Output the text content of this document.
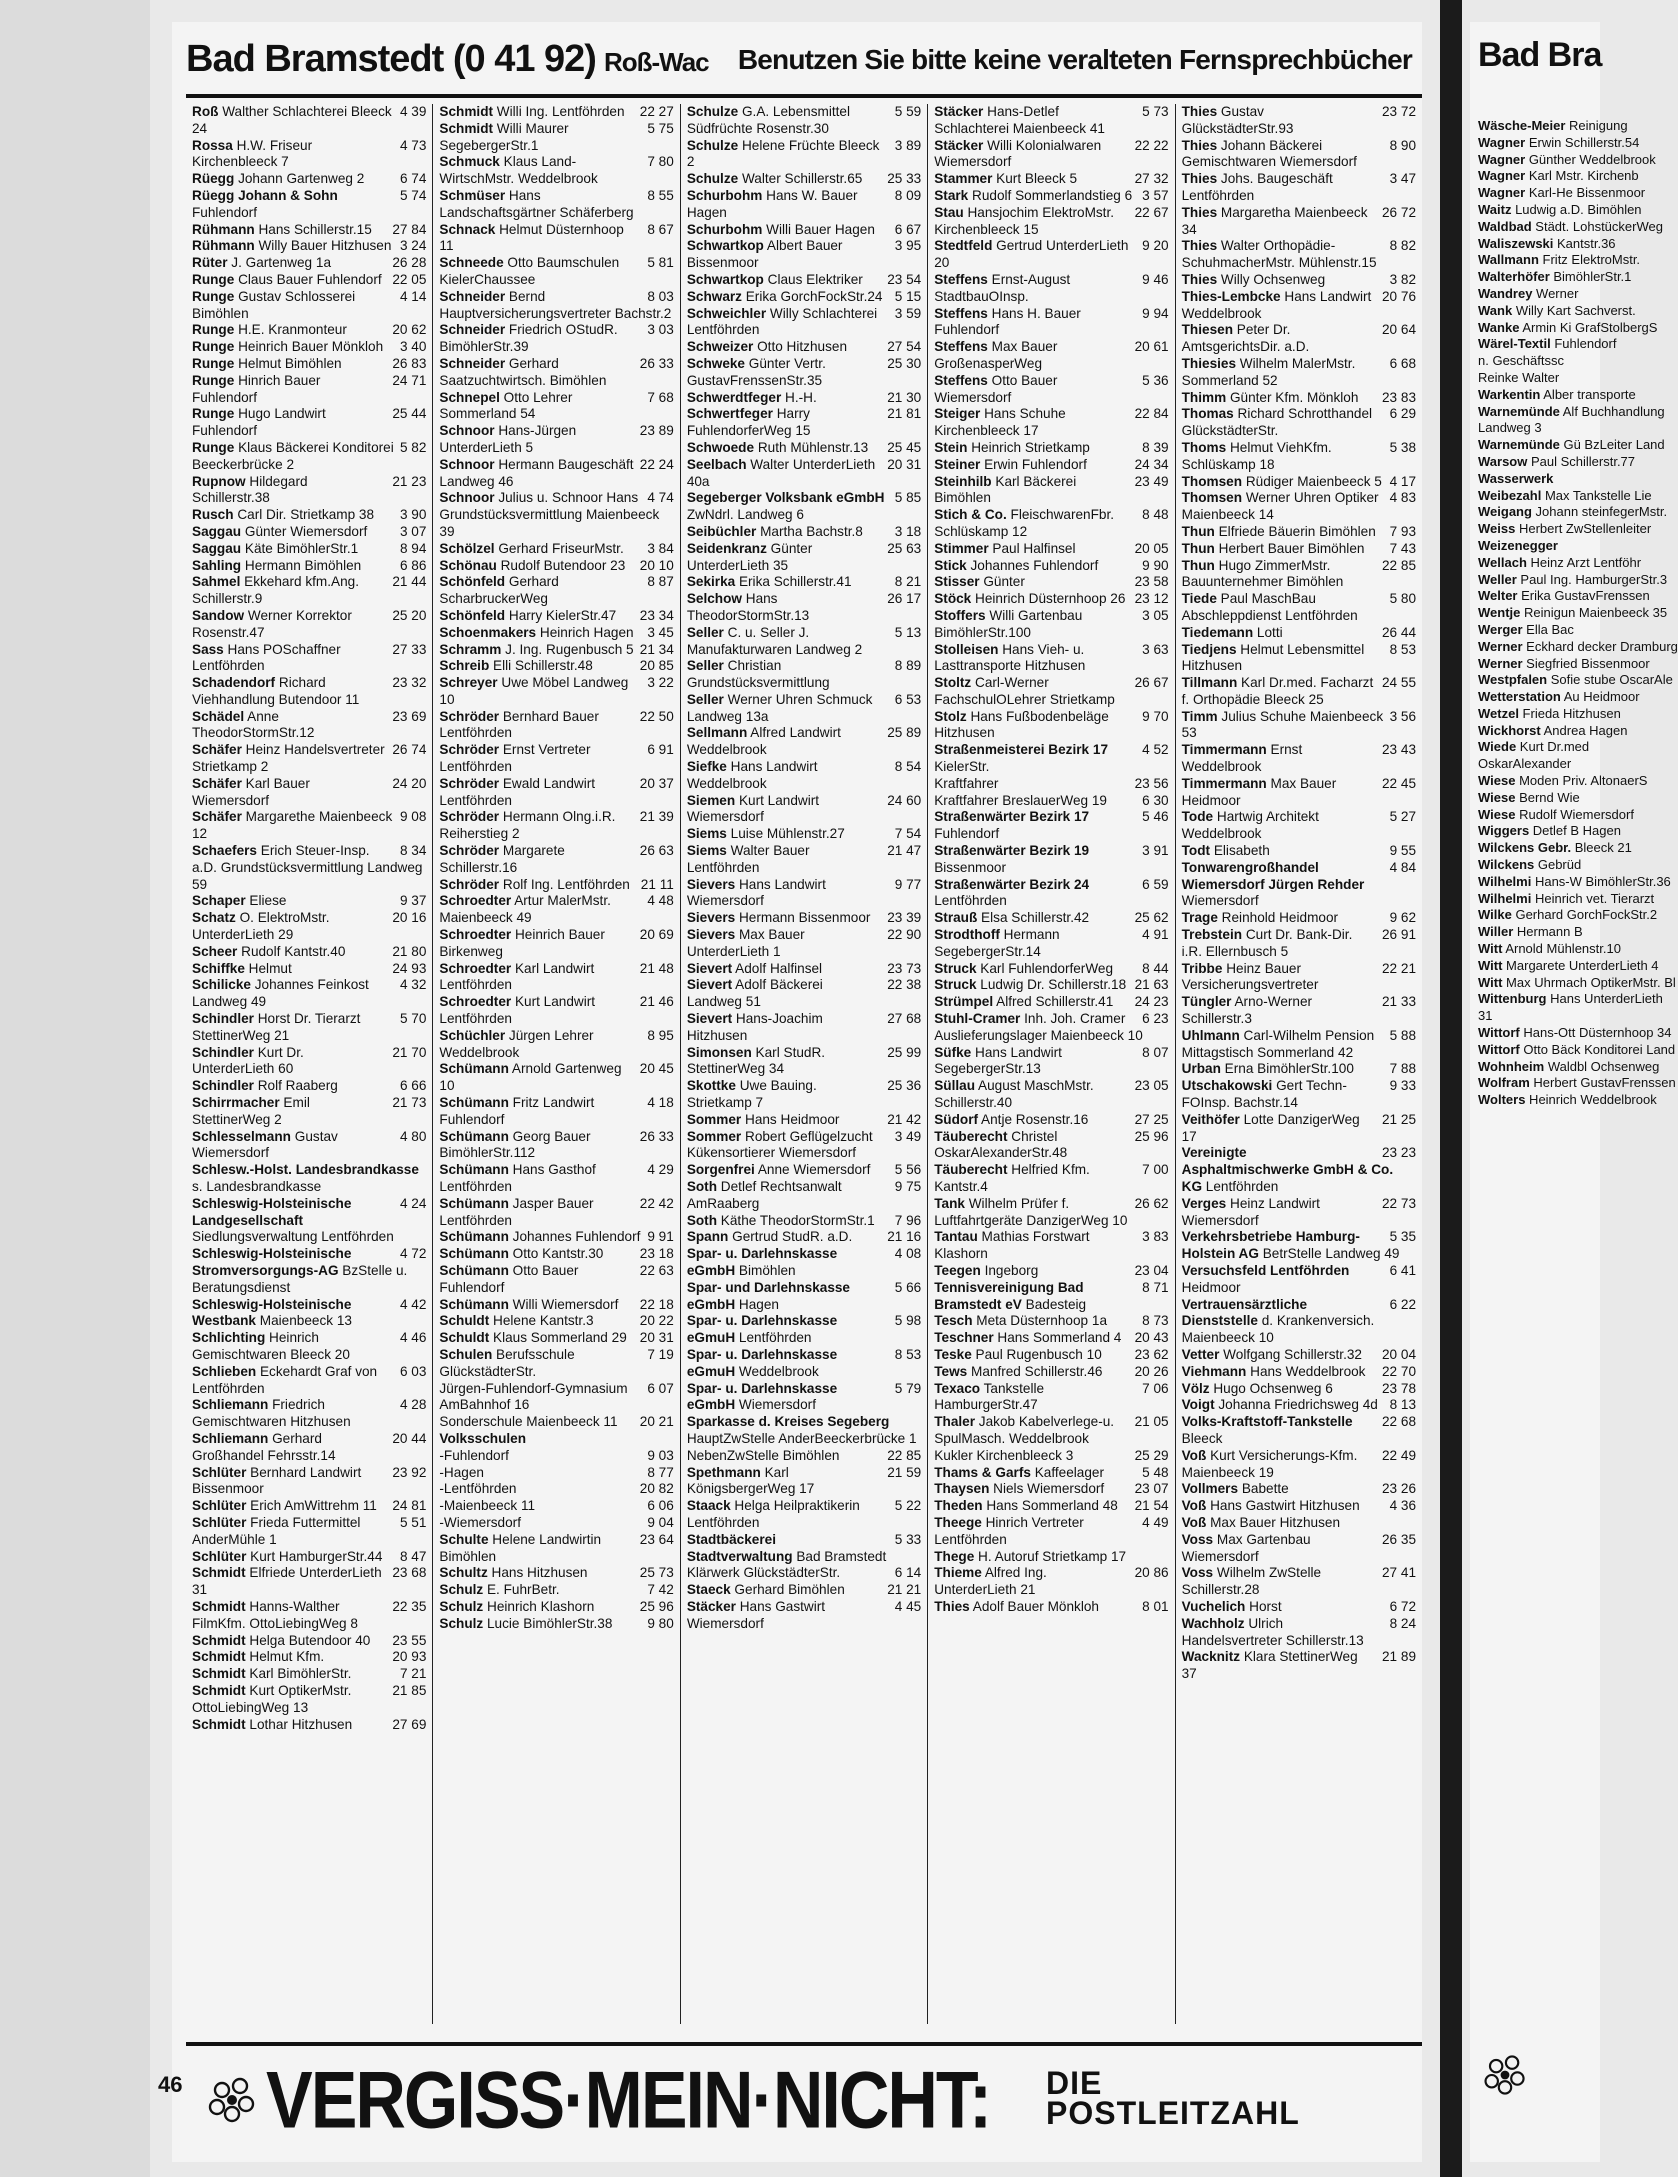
Bad Bramstedt (0 41 92) Roß-Wac Benutzen Sie bitte keine veralteten Fernsprechbücher

4 39
Roß Walther Schlachterei Bleeck 24

4 73
Rossa H.W. Friseur Kirchenbleeck 7

6 74
Rüegg Johann Gartenweg 2

5 74
Rüegg Johann & Sohn Fuhlendorf

27 84
Rühmann Hans Schillerstr.15

3 24
Rühmann Willy Bauer Hitzhusen

26 28
Rüter J. Gartenweg 1a

22 05
Runge Claus Bauer Fuhlendorf

4 14
Runge Gustav Schlosserei Bimöhlen

20 62
Runge H.E. Kranmonteur

3 40
Runge Heinrich Bauer Mönkloh

26 83
Runge Helmut Bimöhlen

24 71
Runge Hinrich Bauer Fuhlendorf

25 44
Runge Hugo Landwirt Fuhlendorf

5 82
Runge Klaus Bäckerei Konditorei Beeckerbrücke 2

21 23
Rupnow Hildegard Schillerstr.38

3 90
Rusch Carl Dir. Strietkamp 38

3 07
Saggau Günter Wiemersdorf

8 94
Saggau Käte BimöhlerStr.1

6 86
Sahling Hermann Bimöhlen

21 44
Sahmel Ekkehard kfm.Ang. Schillerstr.9

25 20
Sandow Werner Korrektor Rosenstr.47

27 33
Sass Hans POSchaffner Lentföhrden

23 32
Schadendorf Richard Viehhandlung Butendoor 11

23 69
Schädel Anne TheodorStormStr.12

26 74
Schäfer Heinz Handelsvertreter Strietkamp 2

24 20
Schäfer Karl Bauer Wiemersdorf

9 08
Schäfer Margarethe Maienbeeck 12

8 34
Schaefers Erich Steuer-Insp. a.D. Grundstücksvermittlung Landweg 59

9 37
Schaper Eliese

20 16
Schatz O. ElektroMstr. UnterderLieth 29

21 80
Scheer Rudolf Kantstr.40

24 93
Schiffke Helmut

4 32
Schilicke Johannes Feinkost Landweg 49

5 70
Schindler Horst Dr. Tierarzt StettinerWeg 21

21 70
Schindler Kurt Dr. UnterderLieth 60

6 66
Schindler Rolf Raaberg

21 73
Schirrmacher Emil StettinerWeg 2

4 80
Schlesselmann Gustav Wiemersdorf

Schlesw.-Holst. Landesbrandkasse s. Landesbrandkasse

4 24
Schleswig-Holsteinische Landgesellschaft Siedlungsverwaltung Lentföhrden

4 72
Schleswig-Holsteinische Stromversorgungs-AG BzStelle u. Beratungsdienst

4 42
Schleswig-Holsteinische Westbank Maienbeeck 13

4 46
Schlichting Heinrich Gemischtwaren Bleeck 20

6 03
Schlieben Eckehardt Graf von Lentföhrden

4 28
Schliemann Friedrich Gemischtwaren Hitzhusen

20 44
Schliemann Gerhard Großhandel Fehrsstr.14

23 92
Schlüter Bernhard Landwirt Bissenmoor

24 81
Schlüter Erich AmWittrehm 11

5 51
Schlüter Frieda Futtermittel AnderMühle 1

8 47
Schlüter Kurt HamburgerStr.44

23 68
Schmidt Elfriede UnterderLieth 31

22 35
Schmidt Hanns-Walther FilmKfm. OttoLiebingWeg 8

23 55
Schmidt Helga Butendoor 40

20 93
Schmidt Helmut Kfm.

7 21
Schmidt Karl BimöhlerStr.

21 85
Schmidt Kurt OptikerMstr. OttoLiebingWeg 13

27 69
Schmidt Lothar Hitzhusen

22 27
Schmidt Willi Ing. Lentföhrden

5 75
Schmidt Willi Maurer SegebergerStr.1

7 80
Schmuck Klaus Land-WirtschMstr. Weddelbrook

8 55
Schmüser Hans Landschaftsgärtner Schäferberg

8 67
Schnack Helmut Düsternhoop 11

5 81
Schneede Otto Baumschulen KielerChaussee

8 03
Schneider Bernd Hauptversicherungsvertreter Bachstr.2

3 03
Schneider Friedrich OStudR. BimöhlerStr.39

26 33
Schneider Gerhard Saatzuchtwirtsch. Bimöhlen

7 68
Schnepel Otto Lehrer Sommerland 54

23 89
Schnoor Hans-Jürgen UnterderLieth 5

22 24
Schnoor Hermann Baugeschäft Landweg 46

4 74
Schnoor Julius u. Schnoor Hans Grundstücksvermittlung Maienbeeck 39

3 84
Schölzel Gerhard FriseurMstr.

20 10
Schönau Rudolf Butendoor 23

8 87
Schönfeld Gerhard ScharbruckerWeg

23 34
Schönfeld Harry KielerStr.47

3 45
Schoenmakers Heinrich Hagen

21 34
Schramm J. Ing. Rugenbusch 5

20 85
Schreib Elli Schillerstr.48

3 22
Schreyer Uwe Möbel Landweg 10

22 50
Schröder Bernhard Bauer Lentföhrden

6 91
Schröder Ernst Vertreter Lentföhrden

20 37
Schröder Ewald Landwirt Lentföhrden

21 39
Schröder Hermann Olng.i.R. Reiherstieg 2

26 63
Schröder Margarete Schillerstr.16

21 11
Schröder Rolf Ing. Lentföhrden

4 48
Schroedter Artur MalerMstr. Maienbeeck 49

20 69
Schroedter Heinrich Bauer Birkenweg

21 48
Schroedter Karl Landwirt Lentföhrden

21 46
Schroedter Kurt Landwirt Lentföhrden

8 95
Schüchler Jürgen Lehrer Weddelbrook

20 45
Schümann Arnold Gartenweg 10

4 18
Schümann Fritz Landwirt Fuhlendorf

26 33
Schümann Georg Bauer BimöhlerStr.112

4 29
Schümann Hans Gasthof Lentföhrden

22 42
Schümann Jasper Bauer Lentföhrden

9 91
Schümann Johannes Fuhlendorf

23 18
Schümann Otto Kantstr.30

22 63
Schümann Otto Bauer Fuhlendorf

22 18
Schümann Willi Wiemersdorf

20 22
Schuldt Helene Kantstr.3

20 31
Schuldt Klaus Sommerland 29

7 19
Schulen Berufsschule GlückstädterStr.

6 07
Jürgen-Fuhlendorf-Gymnasium AmBahnhof 16

20 21
Sonderschule Maienbeeck 11

Volksschulen

9 03
-Fuhlendorf

8 77
-Hagen

20 82
-Lentföhrden

6 06
-Maienbeeck 11

9 04
-Wiemersdorf

23 64
Schulte Helene Landwirtin Bimöhlen

25 73
Schultz Hans Hitzhusen

7 42
Schulz E. FuhrBetr.

25 96
Schulz Heinrich Klashorn

9 80
Schulz Lucie BimöhlerStr.38

5 59
Schulze G.A. Lebensmittel Südfrüchte Rosenstr.30

3 89
Schulze Helene Früchte Bleeck 2

25 33
Schulze Walter Schillerstr.65

8 09
Schurbohm Hans W. Bauer Hagen

6 67
Schurbohm Willi Bauer Hagen

3 95
Schwartkop Albert Bauer Bissenmoor

23 54
Schwartkop Claus Elektriker

5 15
Schwarz Erika GorchFockStr.24

3 59
Schweichler Willy Schlachterei Lentföhrden

27 54
Schweizer Otto Hitzhusen

25 30
Schweke Günter Vertr. GustavFrenssenStr.35

21 30
Schwerdtfeger H.-H.

21 81
Schwertfeger Harry FuhlendorferWeg 15

25 45
Schwoede Ruth Mühlenstr.13

20 31
Seelbach Walter UnterderLieth 40a

5 85
Segeberger Volksbank eGmbH ZwNdrl. Landweg 6

3 18
Seibüchler Martha Bachstr.8

25 63
Seidenkranz Günter UnterderLieth 35

8 21
Sekirka Erika Schillerstr.41

26 17
Selchow Hans TheodorStormStr.13

5 13
Seller C. u. Seller J. Manufakturwaren Landweg 2

8 89
Seller Christian Grundstücksvermittlung

6 53
Seller Werner Uhren Schmuck Landweg 13a

25 89
Sellmann Alfred Landwirt Weddelbrook

8 54
Siefke Hans Landwirt Weddelbrook

24 60
Siemen Kurt Landwirt Wiemersdorf

7 54
Siems Luise Mühlenstr.27

21 47
Siems Walter Bauer Lentföhrden

9 77
Sievers Hans Landwirt Wiemersdorf

23 39
Sievers Hermann Bissenmoor

22 90
Sievers Max Bauer UnterderLieth 1

23 73
Sievert Adolf Halfinsel

22 38
Sievert Adolf Bäckerei Landweg 51

27 68
Sievert Hans-Joachim Hitzhusen

25 99
Simonsen Karl StudR. StettinerWeg 34

25 36
Skottke Uwe Bauing. Strietkamp 7

21 42
Sommer Hans Heidmoor

3 49
Sommer Robert Geflügelzucht Kükensortierer Wiemersdorf

5 56
Sorgenfrei Anne Wiemersdorf

9 75
Soth Detlef Rechtsanwalt AmRaaberg

7 96
Soth Käthe TheodorStormStr.1

21 16
Spann Gertrud StudR. a.D.

4 08
Spar- u. Darlehnskasse eGmbH Bimöhlen

5 66
Spar- und Darlehnskasse eGmbH Hagen

5 98
Spar- u. Darlehnskasse eGmuH Lentföhrden

8 53
Spar- u. Darlehnskasse eGmuH Weddelbrook

5 79
Spar- u. Darlehnskasse eGmbH Wiemersdorf

Sparkasse d. Kreises Segeberg HauptZwStelle AnderBeeckerbrücke 1

22 85
NebenZwStelle Bimöhlen

21 59
Spethmann Karl KönigsbergerWeg 17

5 22
Staack Helga Heilpraktikerin Lentföhrden

5 33
Stadtbäckerei

Stadtverwaltung Bad Bramstedt

6 14
Klärwerk GlückstädterStr.

21 21
Staeck Gerhard Bimöhlen

4 45
Stäcker Hans Gastwirt Wiemersdorf

5 73
Stäcker Hans-Detlef Schlachterei Maienbeeck 41

22 22
Stäcker Willi Kolonialwaren Wiemersdorf

27 32
Stammer Kurt Bleeck 5

3 57
Stark Rudolf Sommerlandstieg 6

22 67
Stau Hansjochim ElektroMstr. Kirchenbleeck 15

9 20
Stedtfeld Gertrud UnterderLieth 20

9 46
Steffens Ernst-August StadtbauOInsp.

9 94
Steffens Hans H. Bauer Fuhlendorf

20 61
Steffens Max Bauer GroßenasperWeg

5 36
Steffens Otto Bauer Wiemersdorf

22 84
Steiger Hans Schuhe Kirchenbleeck 17

8 39
Stein Heinrich Strietkamp

24 34
Steiner Erwin Fuhlendorf

23 49
Steinhilb Karl Bäckerei Bimöhlen

8 48
Stich & Co. FleischwarenFbr. Schlüskamp 12

20 05
Stimmer Paul Halfinsel

9 90
Stick Johannes Fuhlendorf

23 58
Stisser Günter

23 12
Stöck Heinrich Düsternhoop 26

3 05
Stoffers Willi Gartenbau BimöhlerStr.100

3 63
Stolleisen Hans Vieh- u. Lasttransporte Hitzhusen

26 67
Stoltz Carl-Werner FachschulOLehrer Strietkamp

9 70
Stolz Hans Fußbodenbeläge Hitzhusen

4 52
Straßenmeisterei Bezirk 17 KielerStr.

23 56
Kraftfahrer

6 30
Kraftfahrer BreslauerWeg 19

5 46
Straßenwärter Bezirk 17 Fuhlendorf

3 91
Straßenwärter Bezirk 19 Bissenmoor

6 59
Straßenwärter Bezirk 24 Lentföhrden

25 62
Strauß Elsa Schillerstr.42

4 91
Strodthoff Hermann SegebergerStr.14

8 44
Struck Karl FuhlendorferWeg

21 63
Struck Ludwig Dr. Schillerstr.18

24 23
Strümpel Alfred Schillerstr.41

6 23
Stuhl-Cramer Inh. Joh. Cramer Auslieferungslager Maienbeeck 10

8 07
Süfke Hans Landwirt SegebergerStr.13

23 05
Süllau August MaschMstr. Schillerstr.40

27 25
Südorf Antje Rosenstr.16

25 96
Täuberecht Christel OskarAlexanderStr.48

7 00
Täuberecht Helfried Kfm. Kantstr.4

26 62
Tank Wilhelm Prüfer f. Luftfahrtgeräte DanzigerWeg 10

3 83
Tantau Mathias Forstwart Klashorn

23 04
Teegen Ingeborg

8 71
Tennisvereinigung Bad Bramstedt eV Badesteig

8 73
Tesch Meta Düsternhoop 1a

20 43
Teschner Hans Sommerland 4

23 62
Teske Paul Rugenbusch 10

20 26
Tews Manfred Schillerstr.46

7 06
Texaco Tankstelle HamburgerStr.47

21 05
Thaler Jakob Kabelverlege-u. SpulMasch. Weddelbrook

25 29
Kukler Kirchenbleeck 3

5 48
Thams & Garfs Kaffeelager

23 07
Thaysen Niels Wiemersdorf

21 54
Theden Hans Sommerland 48

4 49
Theege Hinrich Vertreter Lentföhrden

Thege H. Autoruf Strietkamp 17

20 86
Thieme Alfred Ing. UnterderLieth 21

8 01
Thies Adolf Bauer Mönkloh

23 72
Thies Gustav GlückstädterStr.93

8 90
Thies Johann Bäckerei Gemischtwaren Wiemersdorf

3 47
Thies Johs. Baugeschäft Lentföhrden

26 72
Thies Margaretha Maienbeeck 34

8 82
Thies Walter Orthopädie-SchuhmacherMstr. Mühlenstr.15

3 82
Thies Willy Ochsenweg

20 76
Thies-Lembcke Hans Landwirt Weddelbrook

20 64
Thiesen Peter Dr. AmtsgerichtsDir. a.D.

6 68
Thiesies Wilhelm MalerMstr. Sommerland 52

23 83
Thimm Günter Kfm. Mönkloh

6 29
Thomas Richard Schrotthandel GlückstädterStr.

5 38
Thoms Helmut ViehKfm. Schlüskamp 18

4 17
Thomsen Rüdiger Maienbeeck 5

4 83
Thomsen Werner Uhren Optiker Maienbeeck 14

7 93
Thun Elfriede Bäuerin Bimöhlen

7 43
Thun Herbert Bauer Bimöhlen

22 85
Thun Hugo ZimmerMstr. Bauunternehmer Bimöhlen

5 80
Tiede Paul MaschBau Abschleppdienst Lentföhrden

26 44
Tiedemann Lotti

8 53
Tiedjens Helmut Lebensmittel Hitzhusen

24 55
Tillmann Karl Dr.med. Facharzt f. Orthopädie Bleeck 25

3 56
Timm Julius Schuhe Maienbeeck 53

23 43
Timmermann Ernst Weddelbrook

22 45
Timmermann Max Bauer Heidmoor

5 27
Tode Hartwig Architekt Weddelbrook

9 55
Todt Elisabeth

4 84
Tonwarengroßhandel Wiemersdorf Jürgen Rehder Wiemersdorf

9 62
Trage Reinhold Heidmoor

26 91
Trebstein Curt Dr. Bank-Dir. i.R. Ellernbusch 5

22 21
Tribbe Heinz Bauer Versicherungsvertreter

21 33
Tüngler Arno-Werner Schillerstr.3

5 88
Uhlmann Carl-Wilhelm Pension Mittagstisch Sommerland 42

7 88
Urban Erna BimöhlerStr.100

9 33
Utschakowski Gert Techn-FOInsp. Bachstr.14

21 25
Veithöfer Lotte DanzigerWeg 17

23 23
Vereinigte Asphaltmischwerke GmbH & Co. KG Lentföhrden

22 73
Verges Heinz Landwirt Wiemersdorf

5 35
Verkehrsbetriebe Hamburg-Holstein AG BetrStelle Landweg 49

6 41
Versuchsfeld Lentföhrden Heidmoor

6 22
Vertrauensärztliche Dienststelle d. Krankenversich. Maienbeeck 10

20 04
Vetter Wolfgang Schillerstr.32

22 70
Viehmann Hans Weddelbrook

23 78
Völz Hugo Ochsenweg 6

8 13
Voigt Johanna Friedrichsweg 4d

22 68
Volks-Kraftstoff-Tankstelle Bleeck

22 49
Voß Kurt Versicherungs-Kfm. Maienbeeck 19

23 26
Vollmers Babette

4 36
Voß Hans Gastwirt Hitzhusen

Voß Max Bauer Hitzhusen

26 35
Voss Max Gartenbau Wiemersdorf

27 41
Voss Wilhelm ZwStelle Schillerstr.28

6 72
Vuchelich Horst

8 24
Wachholz Ulrich Handelsvertreter Schillerstr.13

21 89
Wacknitz Klara StettinerWeg 37

VERGISS·MEIN·NICHT: DIE
POSTLEITZAHL
46
Bad Bra
Wäsche-Meier Reinigung
Wagner Erwin Schillerstr.54
Wagner Günther Weddelbrook
Wagner Karl Mstr. Kirchenb
Wagner Karl-He Bissenmoor
Waitz Ludwig a.D. Bimöhlen
Waldbad Städt. LohstückerWeg
Waliszewski Kantstr.36
Wallmann Fritz ElektroMstr.
Walterhöfer BimöhlerStr.1
Wandrey Werner
Wank Willy Kart Sachverst.
Wanke Armin Ki GrafStolbergS
Wärel-Textil Fuhlendorf
n. Geschäftssc
Reinke Walter
Warkentin Alber transporte
Warnemünde Alf Buchhandlung Landweg 3
Warnemünde Gü BzLeiter Land
Warsow Paul Schillerstr.77
Wasserwerk
Weibezahl Max Tankstelle Lie
Weigang Johann steinfegerMstr.
Weiss Herbert ZwStellenleiter
Weizenegger
Wellach Heinz Arzt Lentföhr
Weller Paul Ing. HamburgerStr.3
Welter Erika GustavFrenssen
Wentje Reinigun Maienbeeck 35
Werger Ella Bac
Werner Eckhard decker Dramburg
Werner Siegfried Bissenmoor
Westpfalen Sofie stube OscarAle
Wetterstation Au Heidmoor
Wetzel Frieda Hitzhusen
Wickhorst Andrea Hagen
Wiede Kurt Dr.med OskarAlexander
Wiese Moden Priv. AltonaerS
Wiese Bernd Wie
Wiese Rudolf Wiemersdorf
Wiggers Detlef B Hagen
Wilckens Gebr. Bleeck 21
Wilckens Gebrüd
Wilhelmi Hans-W BimöhlerStr.36
Wilhelmi Heinrich vet. Tierarzt
Wilke Gerhard GorchFockStr.2
Willer Hermann B
Witt Arnold Mühlenstr.10
Witt Margarete UnterderLieth 4
Witt Max Uhrmach OptikerMstr. Bl
Wittenburg Hans UnterderLieth 31
Wittorf Hans-Ott Düsternhoop 34
Wittorf Otto Bäck Konditorei Land
Wohnheim Waldbl Ochsenweg
Wolfram Herbert GustavFrenssen
Wolters Heinrich Weddelbrook
